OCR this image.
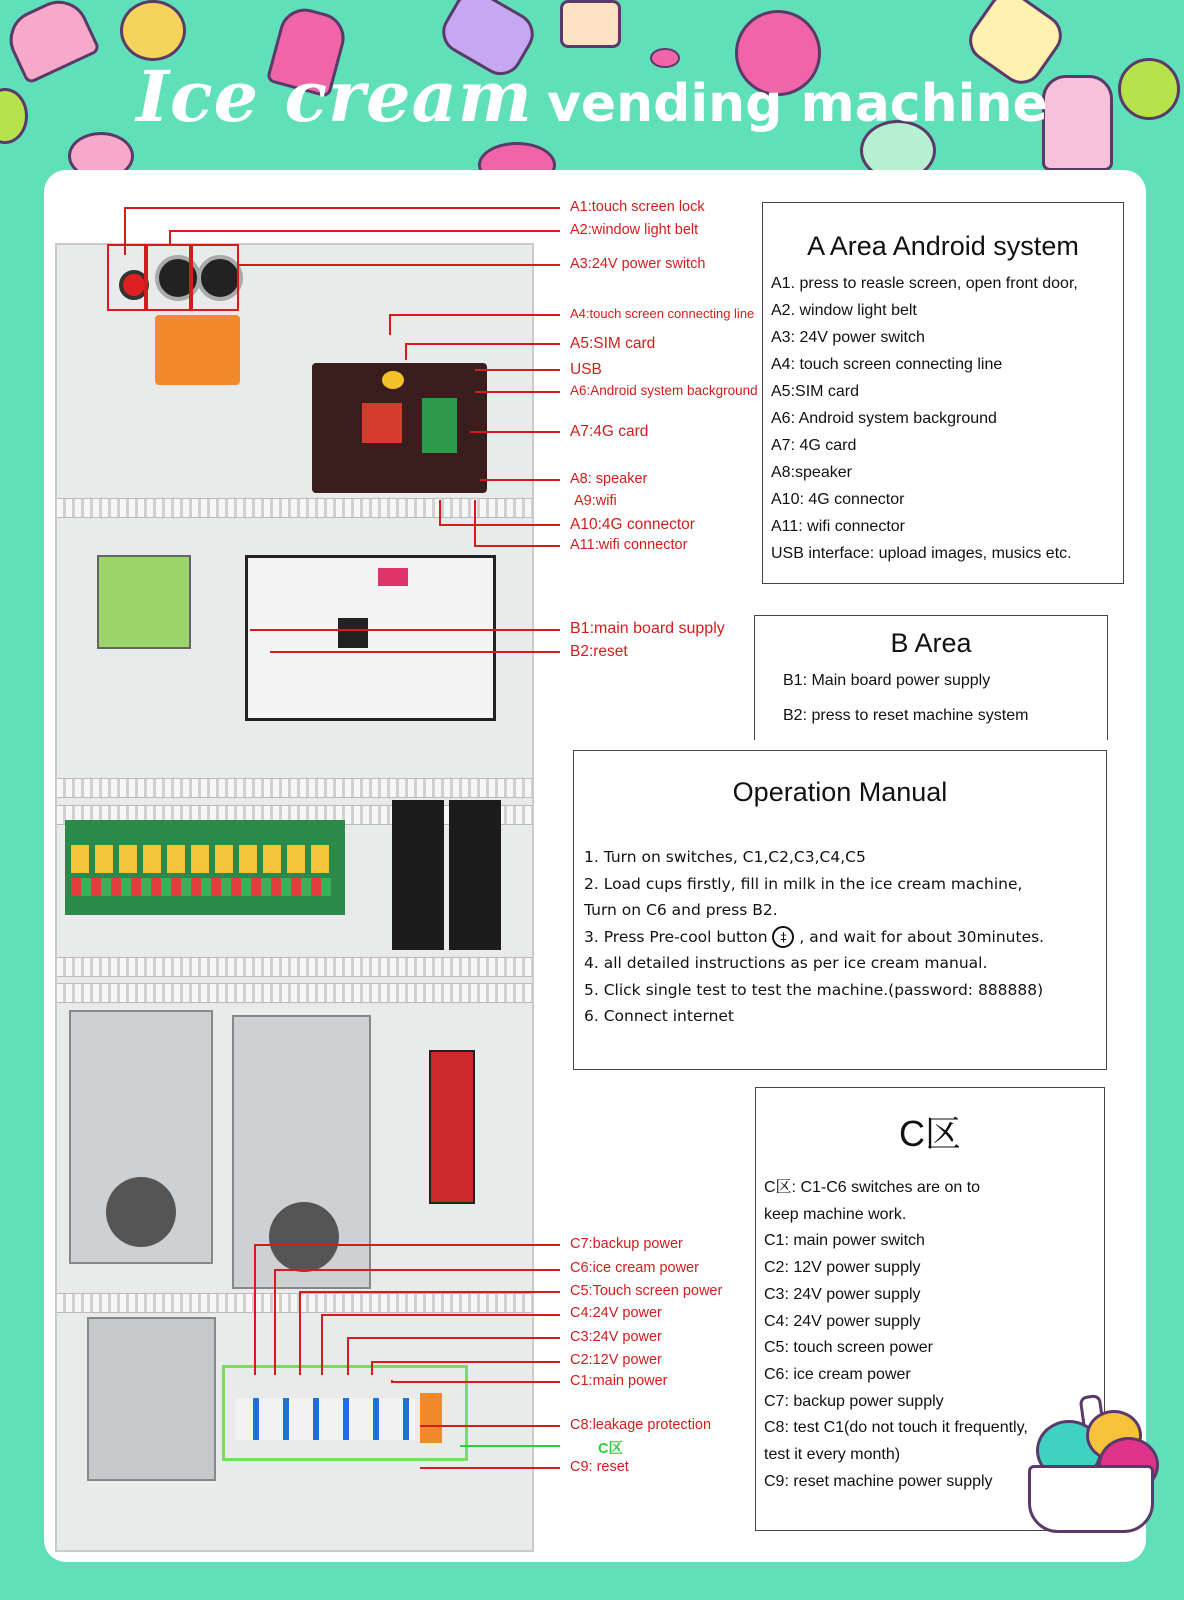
Ice cream vending machine
A1:touch screen lock
A2:window light belt
A3:24V power switch
A4:touch screen connecting line
A5:SIM card
USB
A6:Android system background
A7:4G card
A8: speaker
A9:wifi
A10:4G connector
A11:wifi connector
B1:main board supply
B2:reset
C7:backup power
C6:ice cream power
C5:Touch screen power
C4:24V power
C3:24V power
C2:12V power
C1:main power
C8:leakage protection
C区
C9: reset
A Area Android system

A1. press to reasle screen, open front door,

A2. window light belt

A3: 24V power switch

A4: touch screen connecting line

A5:SIM card

A6: Android system background

A7: 4G card

A8:speaker

A10: 4G connector

A11: wifi connector

USB interface: upload images, musics etc.

B Area

B1: Main board power supply

B2: press to reset machine system

Operation Manual

1. Turn on switches, C1,C2,C3,C4,C5

2. Load cups firstly, fill in milk in the ice cream machine,

Turn on C6 and press B2.

3. Press Pre-cool button ‡ , and wait for about 30minutes.

4. all detailed instructions as per ice cream manual.

5. Click single test to test the machine.(password: 888888)

6. Connect internet

C区

C区: C1-C6 switches are on to

keep machine work.

C1: main power switch

C2: 12V power supply

C3: 24V power supply

C4: 24V power supply

C5: touch screen power

C6: ice cream power

C7: backup power supply

C8: test C1(do not touch it frequently,

test it every month)

C9: reset machine power supply
